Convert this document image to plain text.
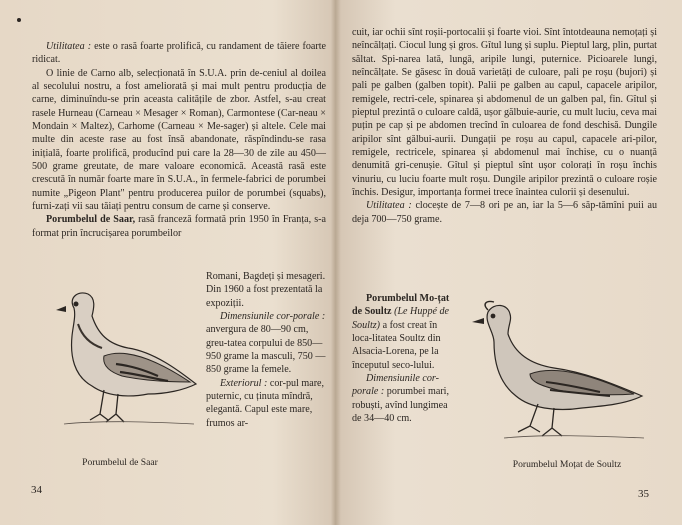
Utilitatea : este o rasă foarte prolifică, cu randament de tăiere foarte ridicat.

O linie de Carno alb, selecționată în S.U.A. prin de-ceniul al doilea al secolului nostru, a fost ameliorată și mai mult pentru producția de carne, diminuîndu-se prin aceasta calitățile de zbor. Astfel, s-au creat rasele Hurneau (Carneau × Mesager × Roman), Carmontese (Car-neau × Mondain × Maltez), Carhome (Carneau × Me-sager) și altele. Cele mai multe din aceste rase au fost însă abandonate, răspîndindu-se rasa inițială, foarte prolifică, producînd pui care la 28—30 de zile au 450—500 grame greutate, de mare valoare economică. Această rasă este crescută în număr foarte mare în S.U.A., în fermele-fabrici de porumbei numite „Pigeon Plant" pentru producerea puilor de porumbei (squabs), furni-zați vii sau tăiați pentru consum de carne și conserve.

Porumbelul de Saar, rasă franceză formată prin 1950 în Franța, s-a format prin încrucișarea porumbeilor

Romani, Bagdeți și mesageri. Din 1960 a fost prezentată la expoziții.

Dimensiunile cor-porale : anvergura de 80—90 cm, greu-tatea corpului de 850—950 grame la masculi, 750 — 850 grame la femele.

Exteriorul : cor-pul mare, puternic, cu ținuta mîndră, elegantă. Capul este mare, frumos ar-

Porumbelul de Saar
34

cuit, iar ochii sînt roșii-portocalii și foarte vioi. Sînt întotdeauna nemoțați și neîncălțați. Ciocul lung și gros. Gîtul lung și suplu. Pieptul larg, plin, purtat săltat. Spi-narea lată, lungă, aripile lungi, puternice. Picioarele lungi, neîncălțate. Se găsesc în două varietăți de culoare, pali pe roșu (bujori) și pali pe galben (galben topit). Palii pe galben au capul, capacele aripilor, remigele, rectri-cele, spinarea și abdomenul de un galben pal, fin. Gîtul și pieptul prezintă o culoare caldă, ușor gălbuie-aurie, cu mult luciu, ceva mai puțin pe cap și pe abdomen trecînd în culoarea de fond deschisă. Dungile aripilor sînt gălbui-aurii. Dungații pe roșu au capul, capacele ari-pilor, remigele, rectricele, spinarea și abdomenul mai închise, cu o nuanță denumită gri-cenușie. Gîtul și pieptul sînt ușor colorați în roșu închis vinuriu, cu luciu foarte mult roșu. Dungile aripilor prezintă o culoare roșie închis. Desigur, importanța formei trece înaintea culorii și desenului.

Utilitatea : clocește de 7—8 ori pe an, iar la 5—6 săp-tămîni puii au deja 700—750 grame.

Porumbelul Mo-țat de Soultz (Le Huppé de Soultz) a fost creat în loca-litatea Soultz din Alsacia-Lorena, pe la începutul seco-lului.

Dimensiunile cor-porale : porumbei mari, robuști, avînd lungimea de 34—40 cm.

Porumbelul Moțat de Soultz
35
